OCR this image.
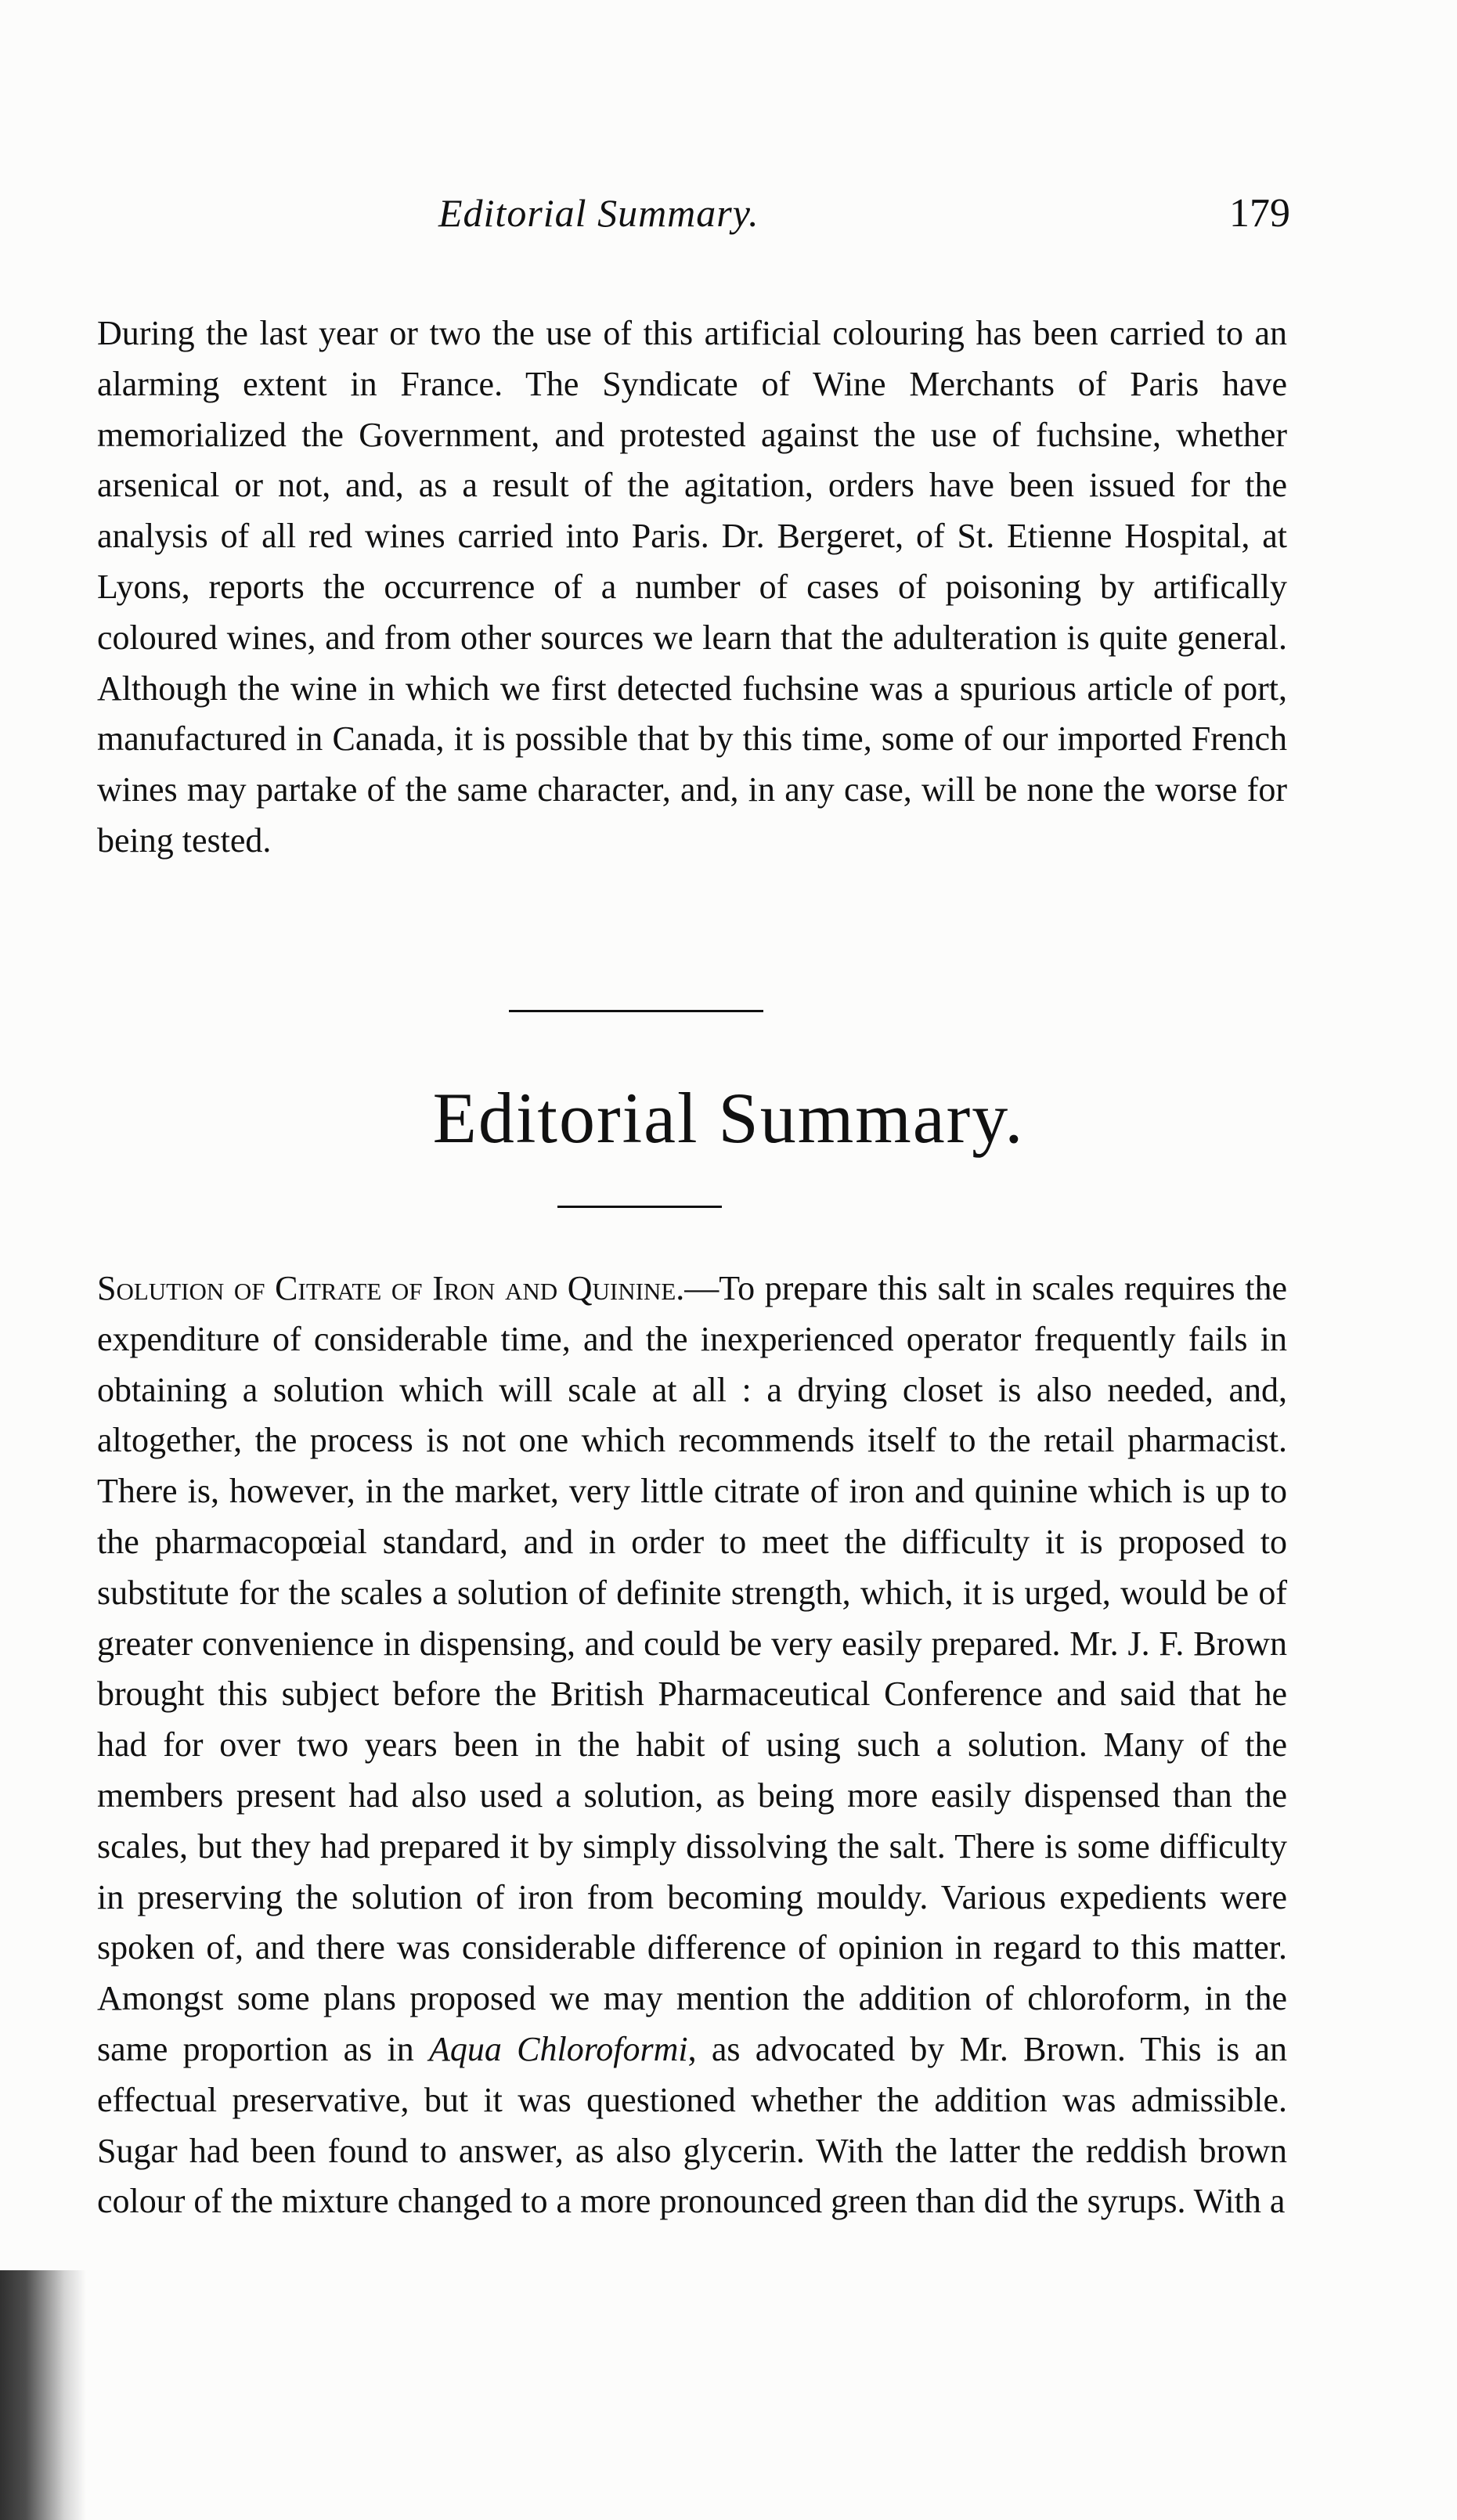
Editorial Summary.	179

During the last year or two the use of this artificial colouring has been carried to an alarming extent in France. The Syndicate of Wine Merchants of Paris have memorialized the Government, and protested against the use of fuchsine, whether arsenical or not, and, as a result of the agitation, orders have been issued for the analysis of all red wines carried into Paris. Dr. Bergeret, of St. Etienne Hospital, at Lyons, reports the occurrence of a number of cases of poisoning by artifically coloured wines, and from other sources we learn that the adulteration is quite general. Although the wine in which we first detected fuchsine was a spurious article of port, manufactured in Canada, it is possible that by this time, some of our imported French wines may partake of the same character, and, in any case, will be none the worse for being tested.

Editorial Summary.

Solution of Citrate of Iron and Quinine.—To prepare this salt in scales requires the expenditure of considerable time, and the inexperienced operator frequently fails in obtaining a solution which will scale at all : a drying closet is also needed, and, altogether, the process is not one which recommends itself to the retail pharmacist. There is, however, in the market, very little citrate of iron and quinine which is up to the pharmacopœial standard, and in order to meet the difficulty it is proposed to substitute for the scales a solution of definite strength, which, it is urged, would be of greater convenience in dispensing, and could be very easily prepared. Mr. J. F. Brown brought this subject before the British Pharmaceutical Conference and said that he had for over two years been in the habit of using such a solution. Many of the members present had also used a solution, as being more easily dispensed than the scales, but they had prepared it by simply dissolving the salt. There is some difficulty in preserving the solution of iron from becoming mouldy. Various expedients were spoken of, and there was considerable difference of opinion in regard to this matter. Amongst some plans proposed we may mention the addition of chloroform, in the same proportion as in Aqua Chloroformi, as advocated by Mr. Brown. This is an effectual preservative, but it was questioned whether the addition was admissible. Sugar had been found to answer, as also glycerin. With the latter the reddish brown colour of the mixture changed to a more pronounced green than did the syrups. With a
